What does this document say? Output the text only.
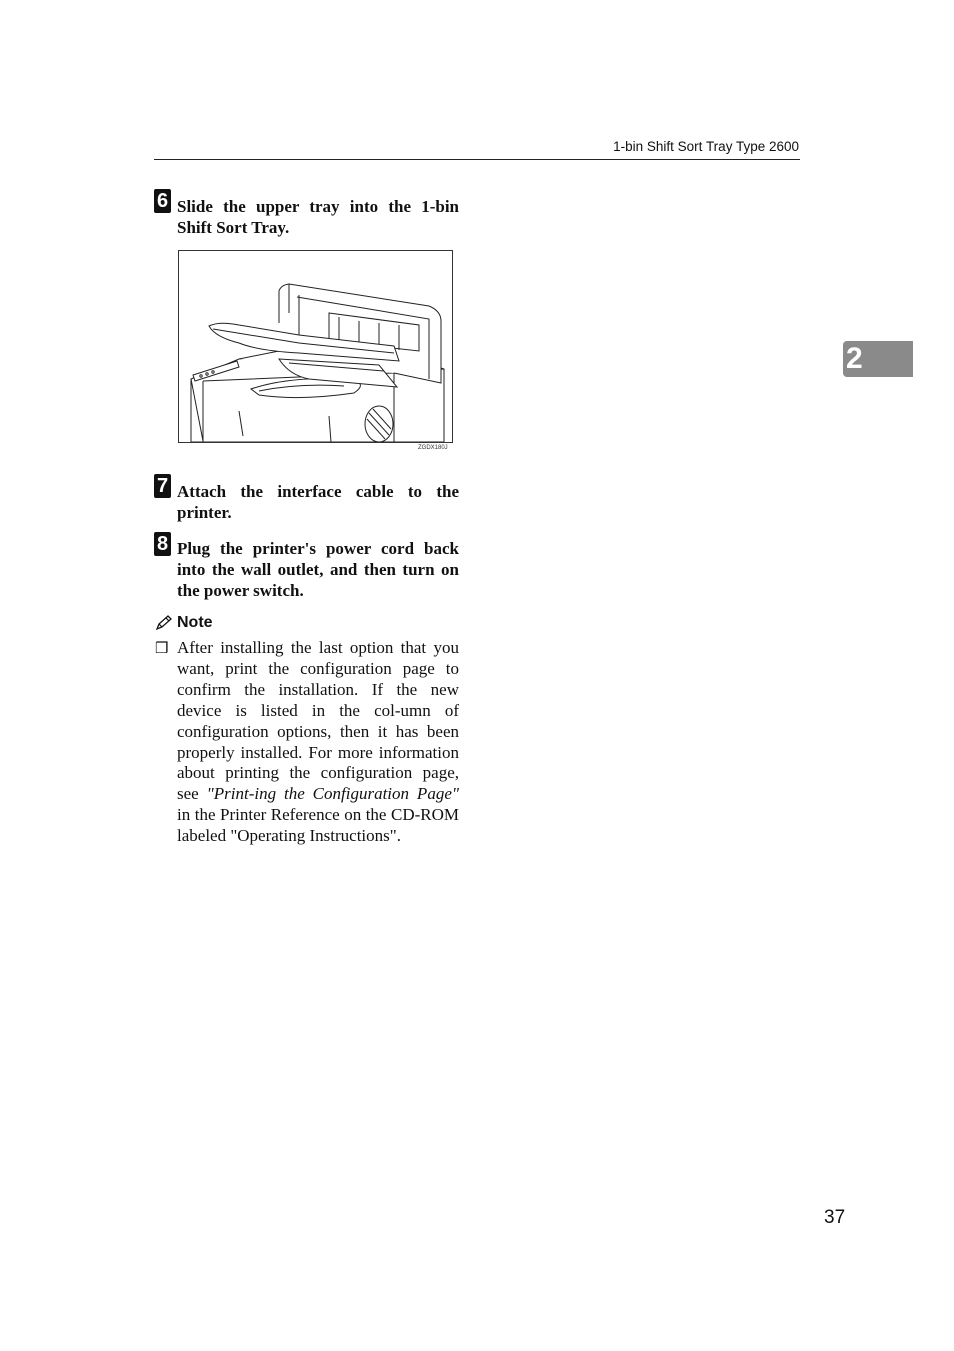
1-bin Shift Sort Tray Type 2600
2
6 Slide the upper tray into the 1-bin Shift Sort Tray.
ZGDX180J
7 Attach the interface cable to the printer.
8 Plug the printer's power cord back into the wall outlet, and then turn on the power switch.
Note
❒ After installing the last option that you want, print the configuration page to confirm the installation. If the new device is listed in the col-umn of configuration options, then it has been properly installed. For more information about printing the configuration page, see "Print-ing the Configuration Page" in the Printer Reference on the CD-ROM labeled "Operating Instructions".
37
